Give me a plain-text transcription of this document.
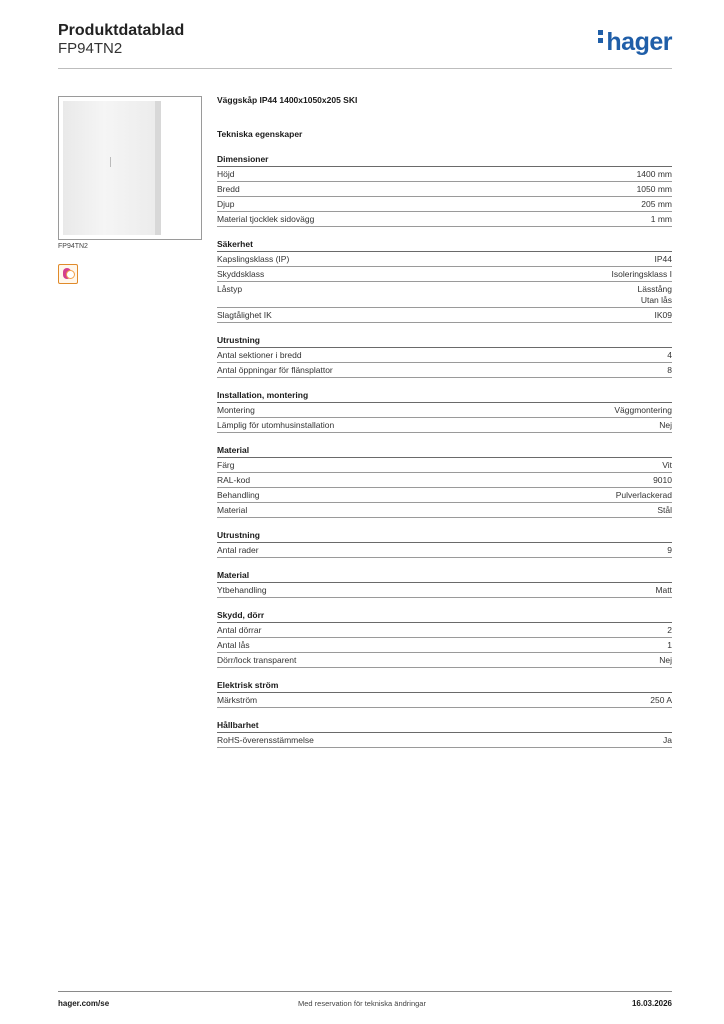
Produktdatablad
FP94TN2	hager
FP94TN2
Väggskåp IP44 1400x1050x205 SKI
Tekniska egenskaper
Dimensioner
Höjd	1400 mm
Bredd	1050 mm
Djup	205 mm
Material tjocklek sidovägg	1 mm
Säkerhet
Kapslingsklass (IP)	IP44
Skyddsklass	Isoleringsklass I
Låstyp	Lässtång
Utan lås
Slagtålighet IK	IK09
Utrustning
Antal sektioner i bredd	4
Antal öppningar för flänsplattor	8
Installation, montering
Montering	Väggmontering
Lämplig för utomhusinstallation	Nej
Material
Färg	Vit
RAL-kod	9010
Behandling	Pulverlackerad
Material	Stål
Utrustning
Antal rader	9
Material
Ytbehandling	Matt
Skydd, dörr
Antal dörrar	2
Antal lås	1
Dörr/lock transparent	Nej
Elektrisk ström
Märkström	250 A
Hållbarhet
RoHS-överensstämmelse	Ja
hager.com/se	Med reservation för tekniska ändringar	16.03.2026
